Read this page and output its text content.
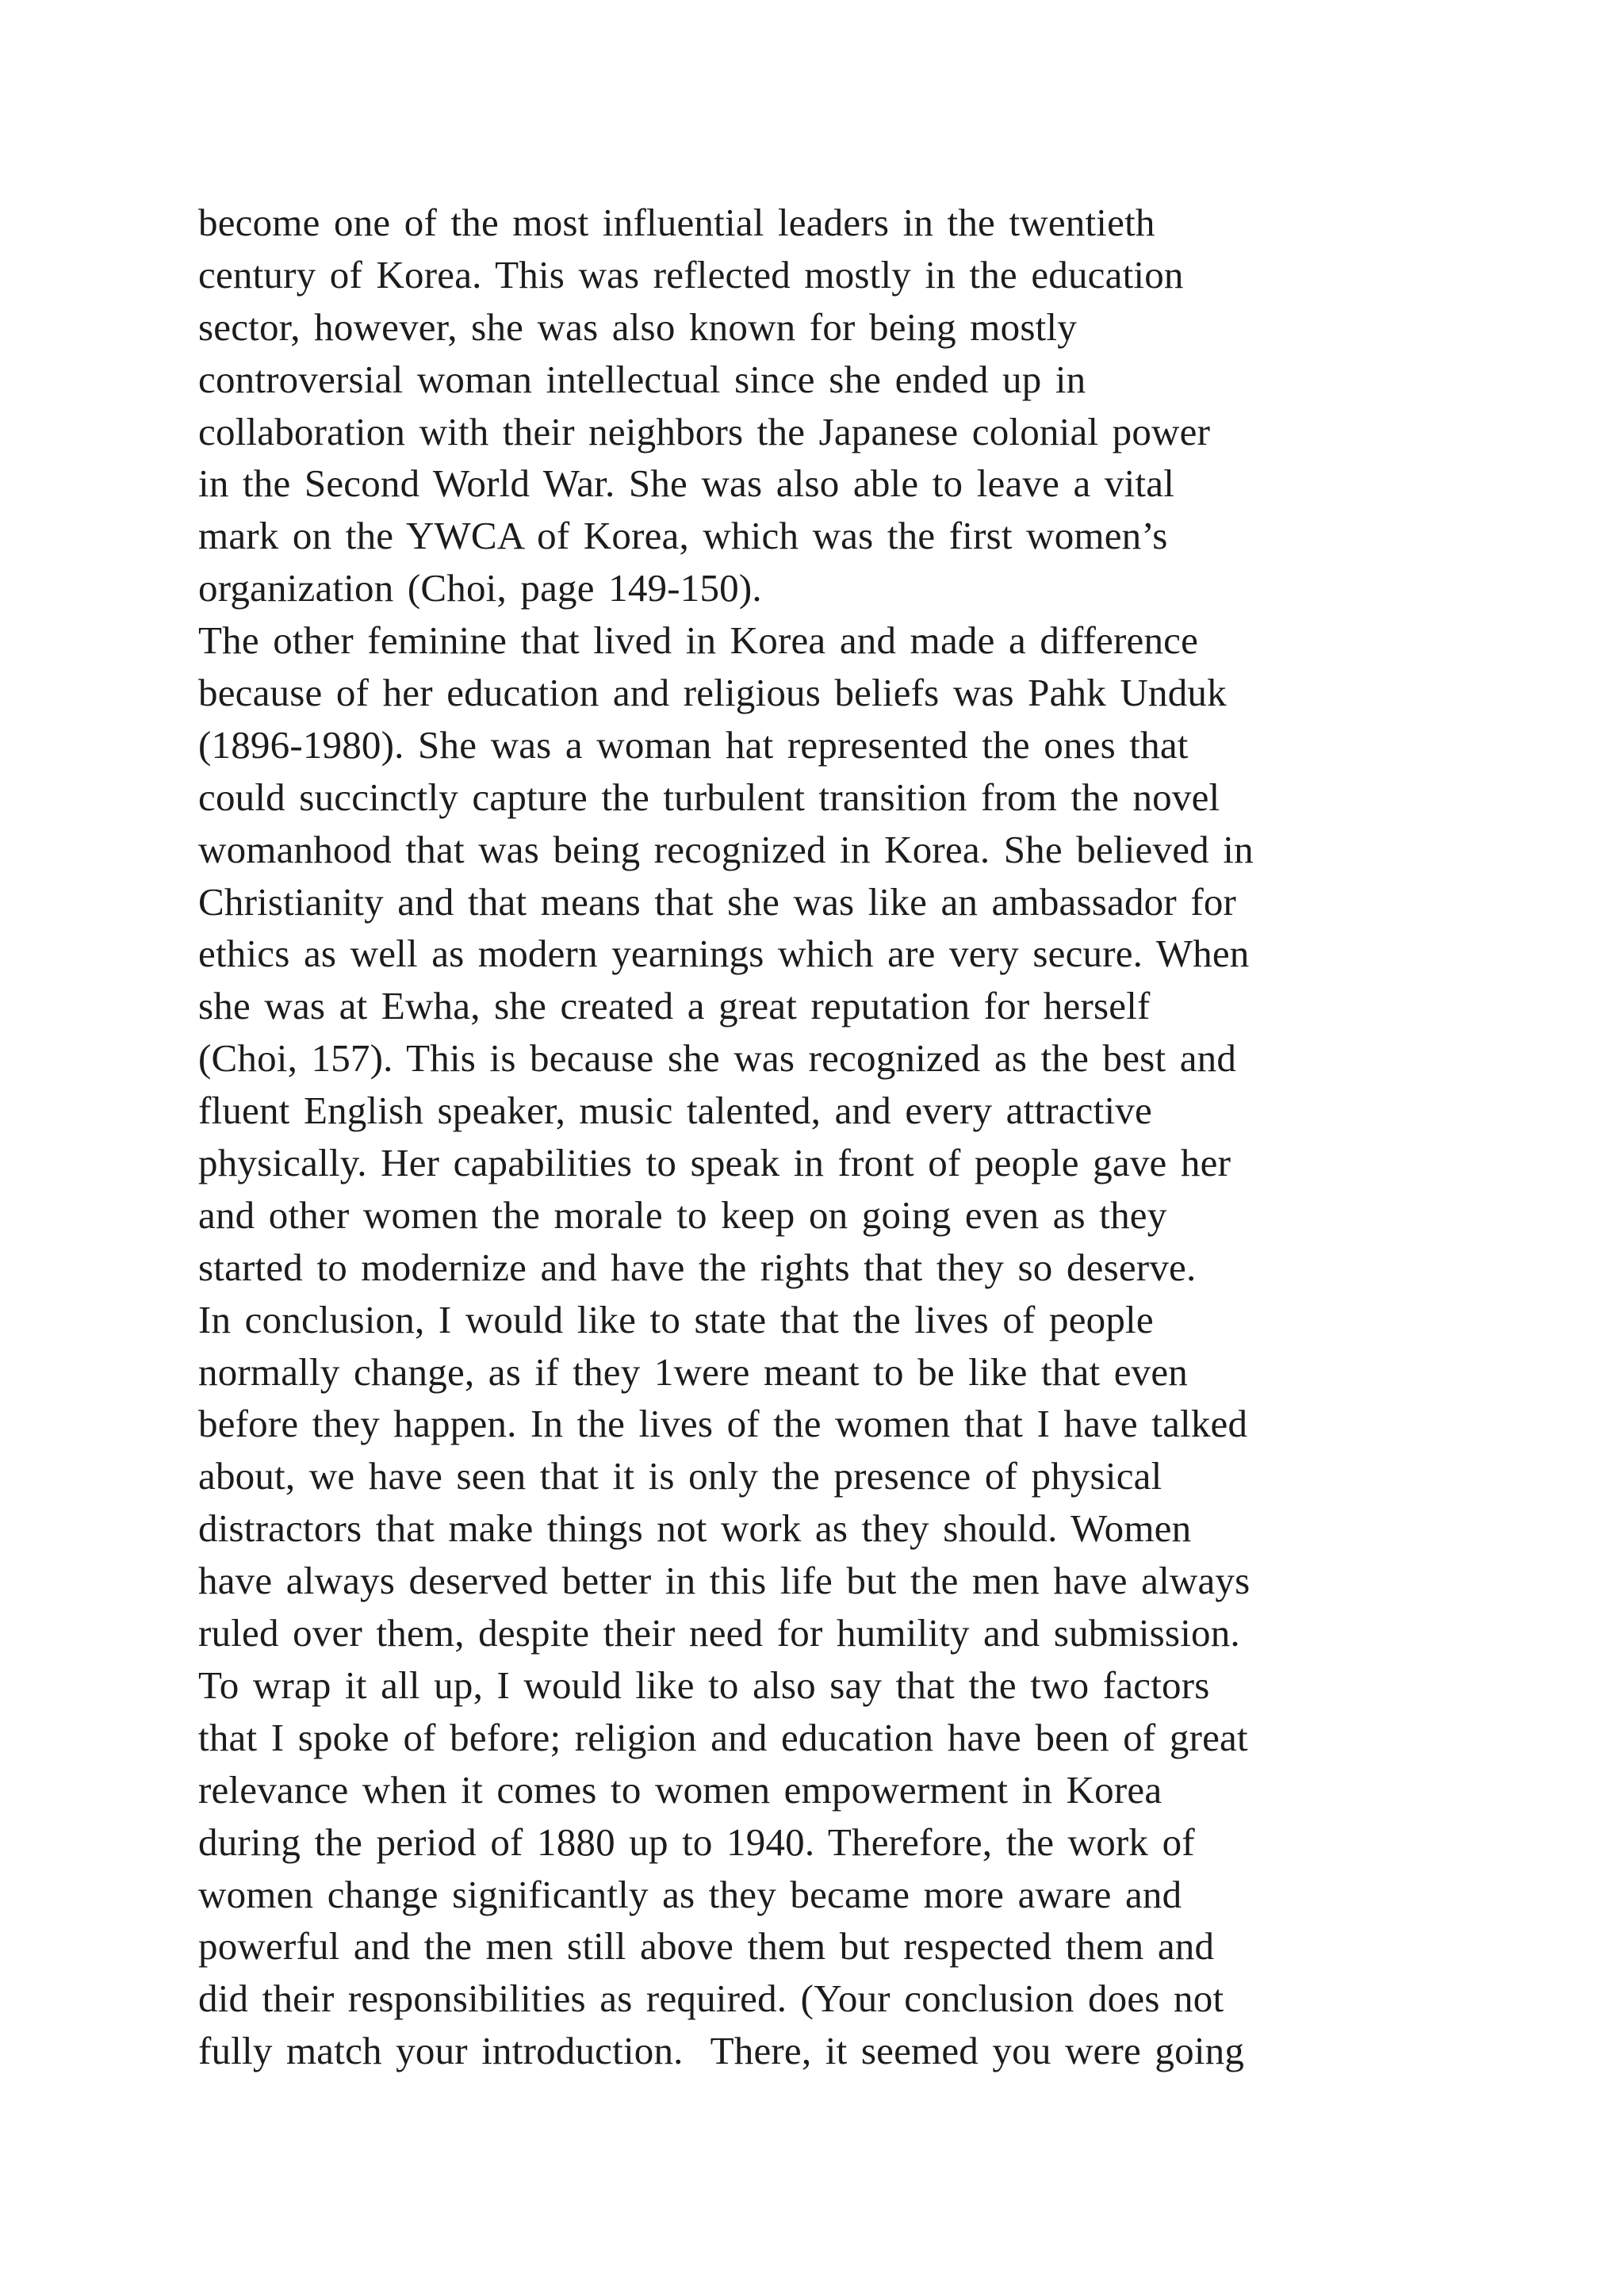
become one of the most influential leaders in the twentieth
century of Korea. This was reflected mostly in the education
sector, however, she was also known for being mostly
controversial woman intellectual since she ended up in
collaboration with their neighbors the Japanese colonial power
in the Second World War. She was also able to leave a vital
mark on the YWCA of Korea, which was the first women’s
organization (Choi, page 149-150).
The other feminine that lived in Korea and made a difference
because of her education and religious beliefs was Pahk Unduk
(1896-1980). She was a woman hat represented the ones that
could succinctly capture the turbulent transition from the novel
womanhood that was being recognized in Korea. She believed in
Christianity and that means that she was like an ambassador for
ethics as well as modern yearnings which are very secure. When
she was at Ewha, she created a great reputation for herself
(Choi, 157). This is because she was recognized as the best and
fluent English speaker, music talented, and every attractive
physically. Her capabilities to speak in front of people gave her
and other women the morale to keep on going even as they
started to modernize and have the rights that they so deserve.
In conclusion, I would like to state that the lives of people
normally change, as if they 1were meant to be like that even
before they happen. In the lives of the women that I have talked
about, we have seen that it is only the presence of physical
distractors that make things not work as they should. Women
have always deserved better in this life but the men have always
ruled over them, despite their need for humility and submission.
To wrap it all up, I would like to also say that the two factors
that I spoke of before; religion and education have been of great
relevance when it comes to women empowerment in Korea
during the period of 1880 up to 1940. Therefore, the work of
women change significantly as they became more aware and
powerful and the men still above them but respected them and
did their responsibilities as required. (Your conclusion does not
fully match your introduction.  There, it seemed you were going
